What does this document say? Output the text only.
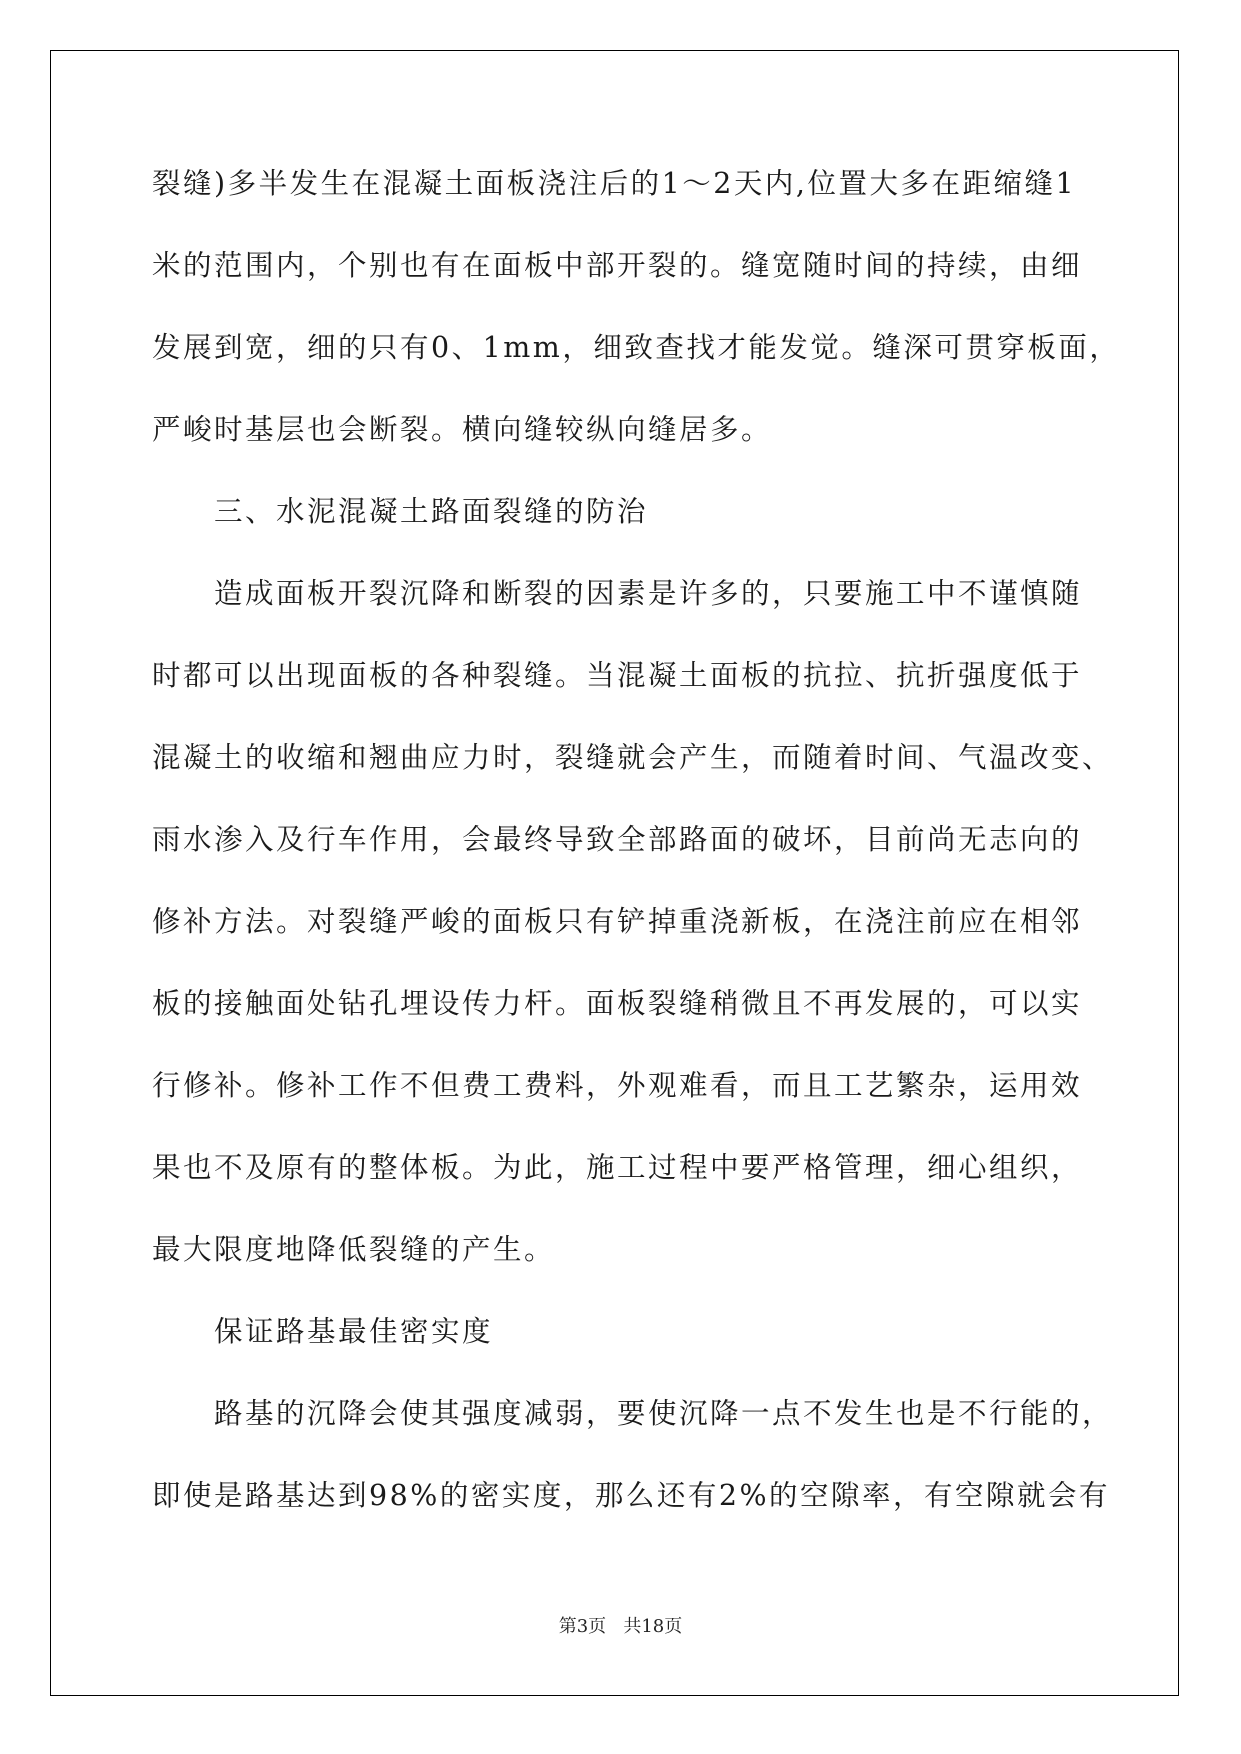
裂缝)多半发生在混凝土面板浇注后的1～2天内,位置大多在距缩缝1
米的范围内，个别也有在面板中部开裂的。缝宽随时间的持续，由细
发展到宽，细的只有0、1mm，细致查找才能发觉。缝深可贯穿板面，
严峻时基层也会断裂。横向缝较纵向缝居多。
三、水泥混凝土路面裂缝的防治
造成面板开裂沉降和断裂的因素是许多的，只要施工中不谨慎随
时都可以出现面板的各种裂缝。当混凝土面板的抗拉、抗折强度低于
混凝土的收缩和翘曲应力时，裂缝就会产生，而随着时间、气温改变、
雨水渗入及行车作用，会最终导致全部路面的破坏，目前尚无志向的
修补方法。对裂缝严峻的面板只有铲掉重浇新板，在浇注前应在相邻
板的接触面处钻孔埋设传力杆。面板裂缝稍微且不再发展的，可以实
行修补。修补工作不但费工费料，外观难看，而且工艺繁杂，运用效
果也不及原有的整体板。为此，施工过程中要严格管理，细心组织，
最大限度地降低裂缝的产生。
保证路基最佳密实度
路基的沉降会使其强度减弱，要使沉降一点不发生也是不行能的，
即使是路基达到98%的密实度，那么还有2%的空隙率，有空隙就会有
第3页 共18页
